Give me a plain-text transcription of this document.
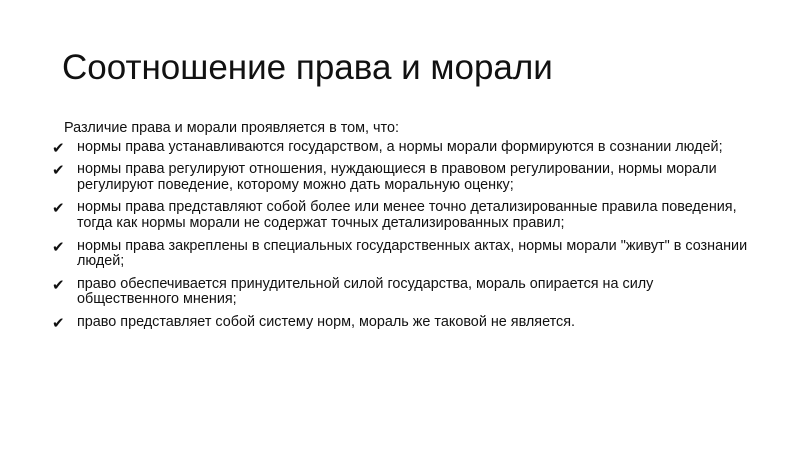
Соотношение права и морали
Различие права и морали проявляется в том, что:
✔ нормы права устанавливаются государством, а нормы морали формируются в сознании людей;
✔ нормы права регулируют отношения, нуждающиеся в правовом регулировании, нормы морали регулируют поведение, которому можно дать моральную оценку;
✔ нормы права представляют собой более или менее точно детализированные правила поведения, тогда как нормы морали не содержат точных детализированных правил;
✔ нормы права закреплены в специальных государственных актах, нормы морали "живут" в сознании людей;
✔ право обеспечивается принудительной силой государства, мораль опирается на силу общественного мнения;
✔ право представляет собой систему норм, мораль же таковой не является.
